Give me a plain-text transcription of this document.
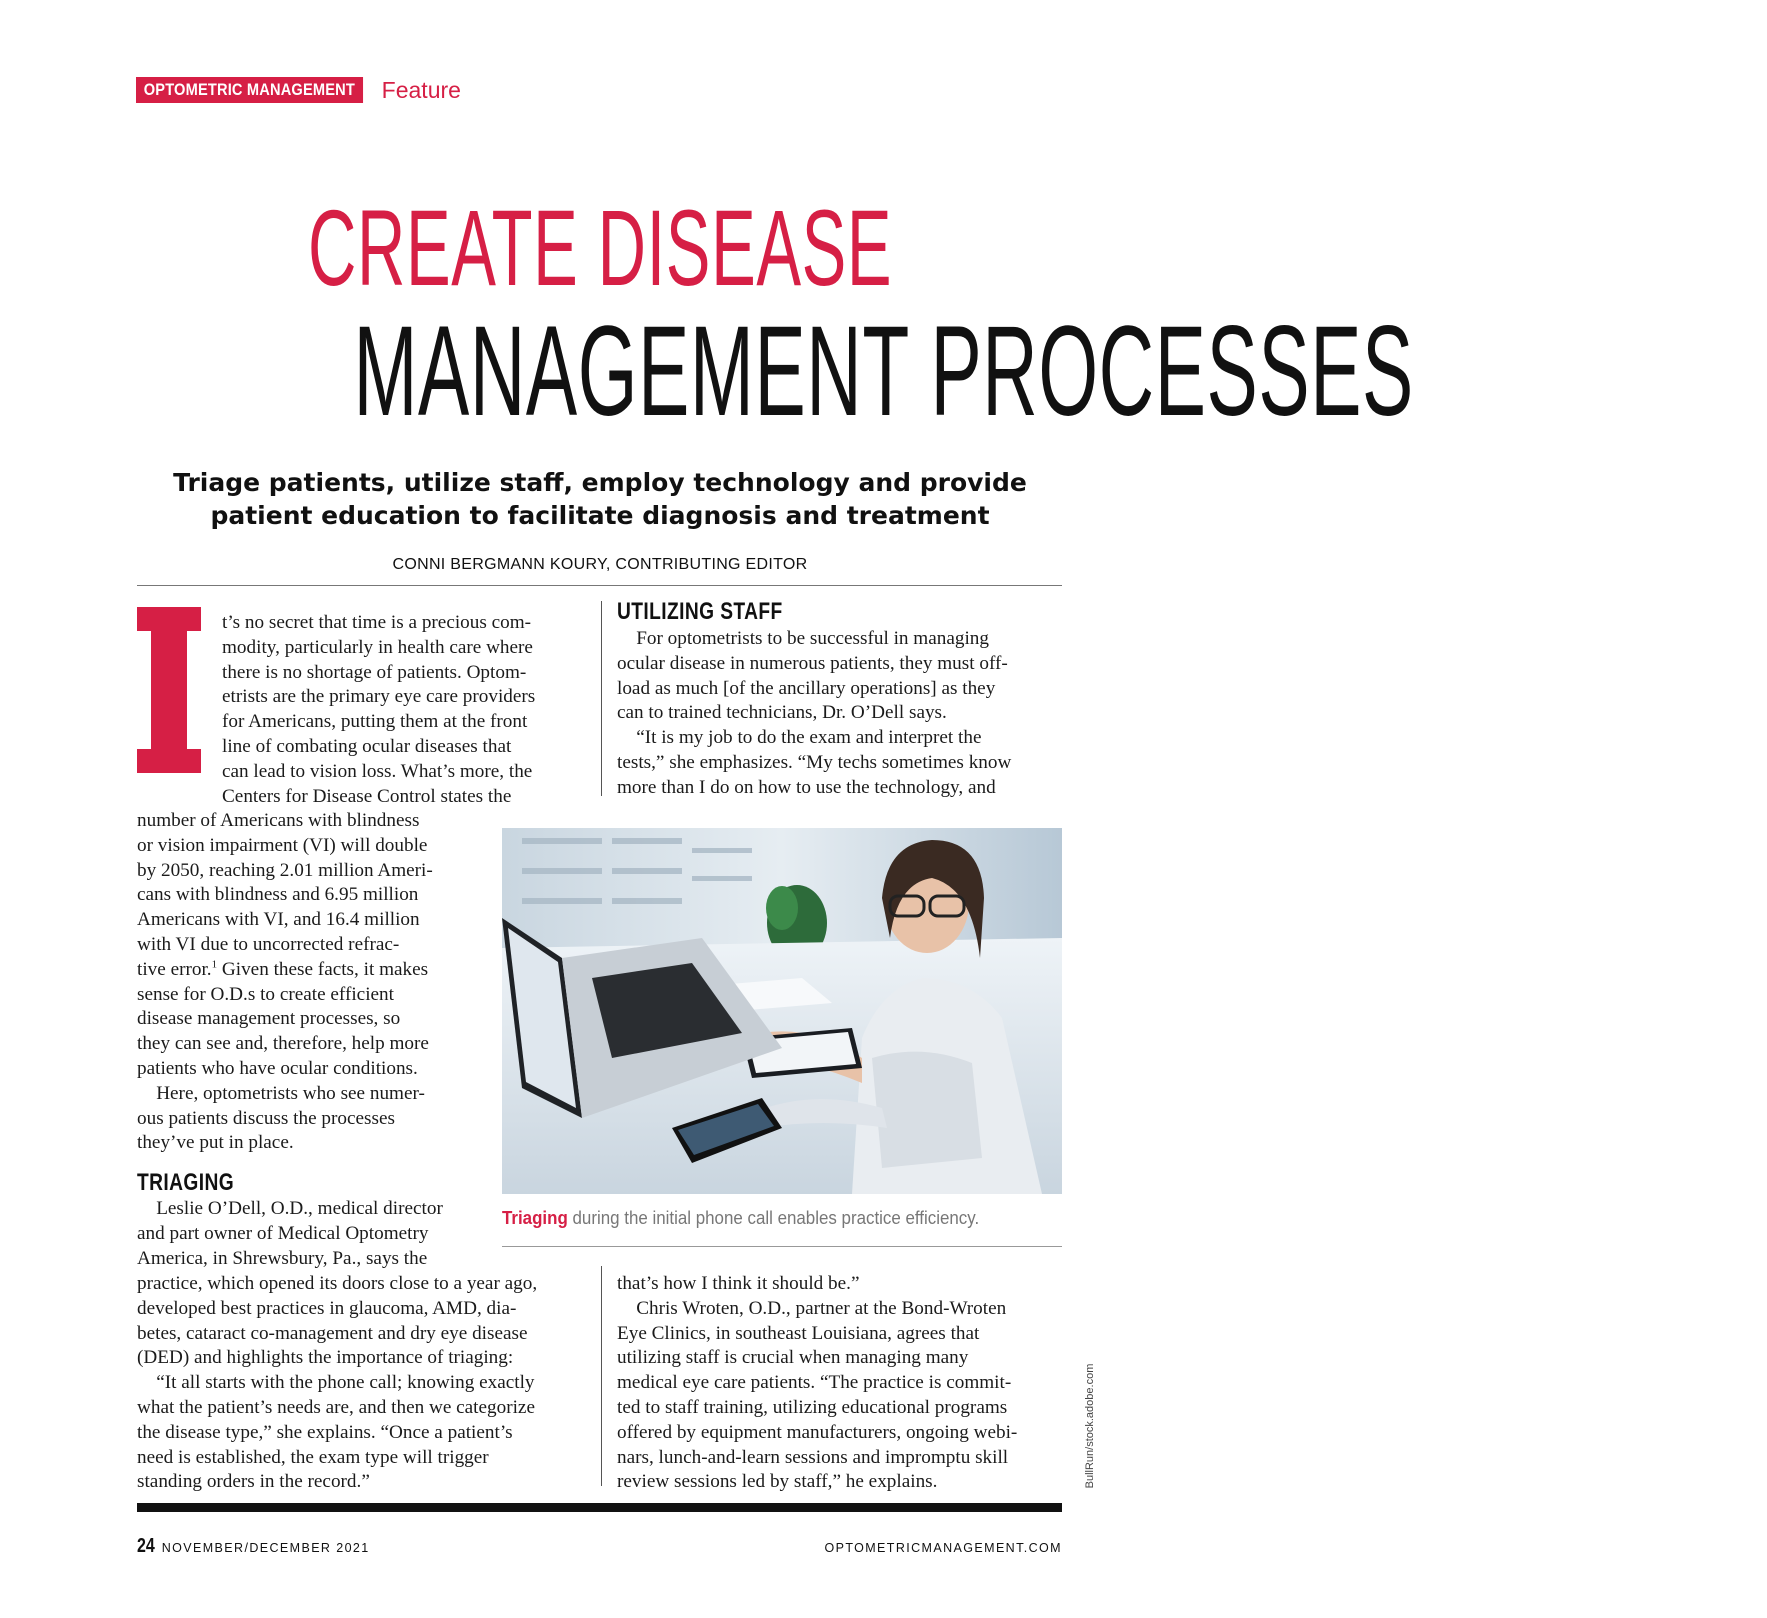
OPTOMETRIC MANAGEMENT	Feature
CREATE DISEASE
MANAGEMENT PROCESSES
Triage patients, utilize staff, employ technology and provide
patient education to facilitate diagnosis and treatment
CONNI BERGMANN KOURY, CONTRIBUTING EDITOR
t’s no secret that time is a precious com-
modity, particularly in health care where
there is no shortage of patients. Optom-
etrists are the primary eye care providers
for Americans, putting them at the front
line of combating ocular diseases that
can lead to vision loss. What’s more, the
Centers for Disease Control states the
number of Americans with blindness
or vision impairment (VI) will double
by 2050, reaching 2.01 million Ameri-
cans with blindness and 6.95 million
Americans with VI, and 16.4 million
with VI due to uncorrected refrac-
tive error.$^1$ Given these facts, it makes
sense for O.D.s to create efficient
disease management processes, so
they can see and, therefore, help more
patients who have ocular conditions.
Here, optometrists who see numer-
ous patients discuss the processes
they’ve put in place.
TRIAGING
Leslie O’Dell, O.D., medical director
and part owner of Medical Optometry
America, in Shrewsbury, Pa., says the
practice, which opened its doors close to a year ago,
developed best practices in glaucoma, AMD, dia-
betes, cataract co-management and dry eye disease
(DED) and highlights the importance of triaging:
“It all starts with the phone call; knowing exactly
what the patient’s needs are, and then we categorize
the disease type,” she explains. “Once a patient’s
need is established, the exam type will trigger
standing orders in the record.”
UTILIZING STAFF
For optometrists to be successful in managing
ocular disease in numerous patients, they must off-
load as much [of the ancillary operations] as they
can to trained technicians, Dr. O’Dell says.
“It is my job to do the exam and interpret the
tests,” she emphasizes. “My techs sometimes know
more than I do on how to use the technology, and
that’s how I think it should be.”
Chris Wroten, O.D., partner at the Bond-Wroten
Eye Clinics, in southeast Louisiana, agrees that
utilizing staff is crucial when managing many
medical eye care patients. “The practice is commit-
ted to staff training, utilizing educational programs
offered by equipment manufacturers, ongoing webi-
nars, lunch-and-learn sessions and impromptu skill
review sessions led by staff,” he explains.
Triaging during the initial phone call enables practice efficiency.
BullRun/stock.adobe.com
24 NOVEMBER/DECEMBER 2021	OPTOMETRICMANAGEMENT.COM
